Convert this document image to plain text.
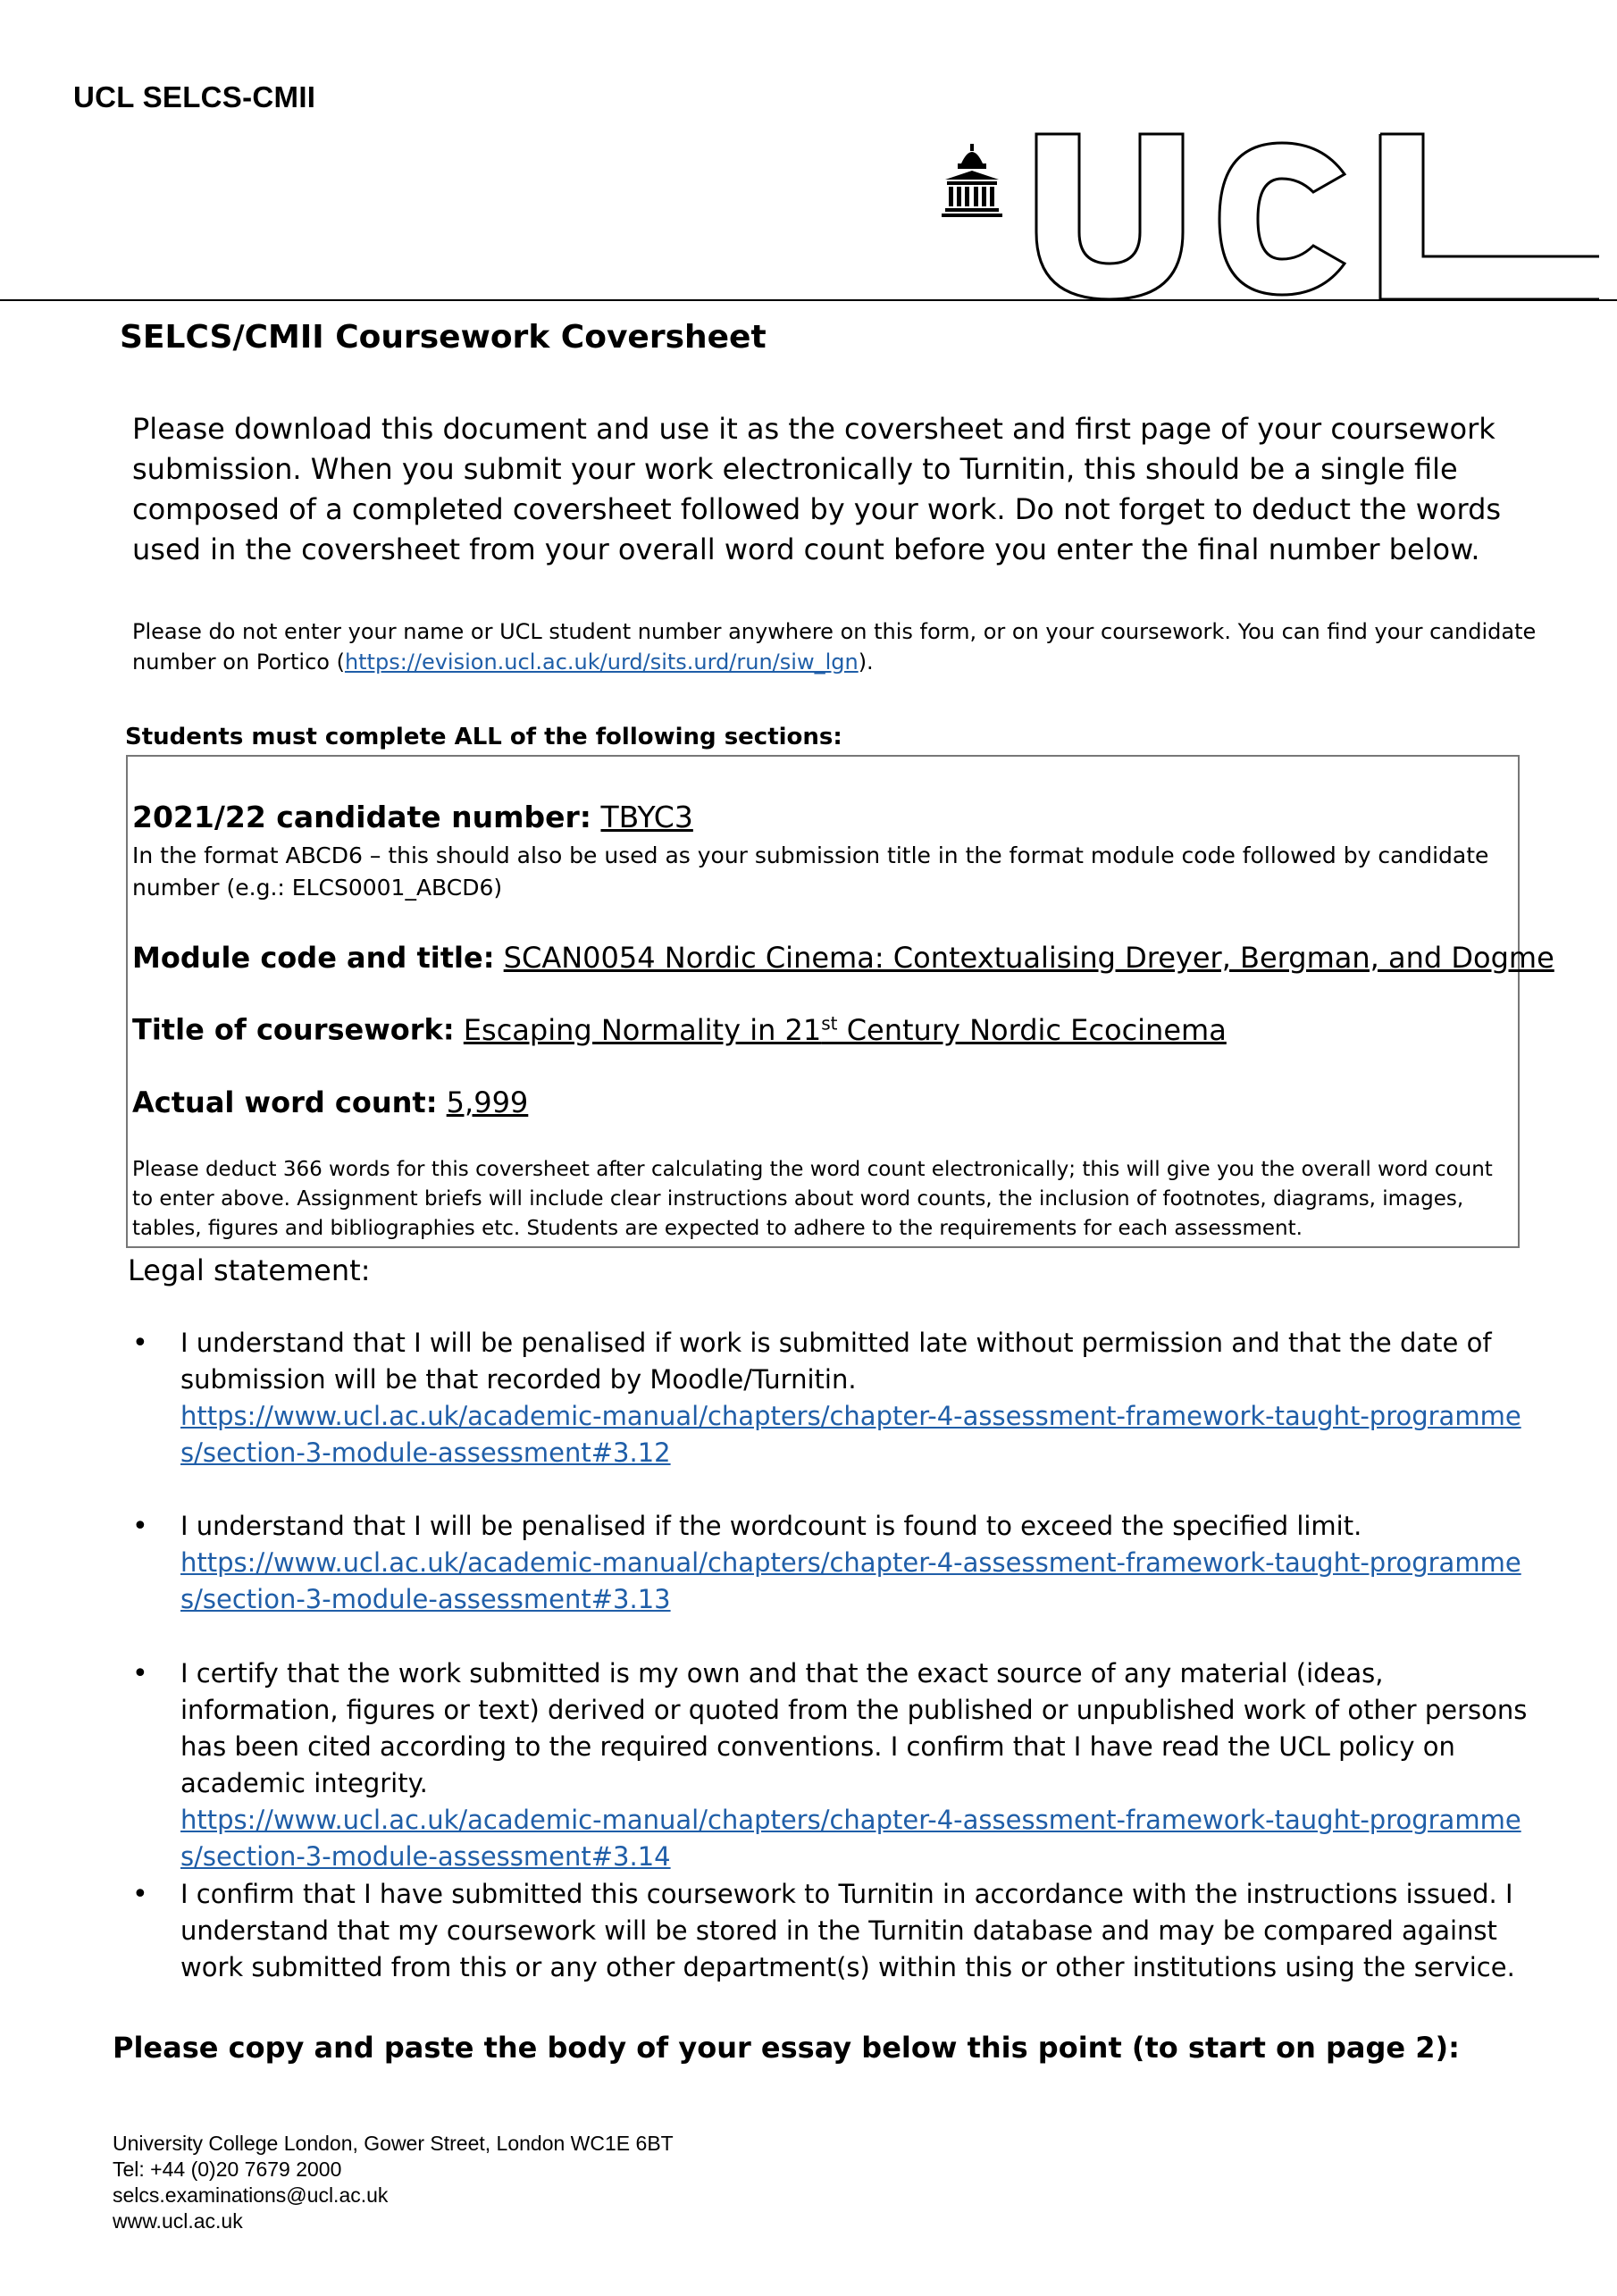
UCL SELCS-CMII
SELCS/CMII Coursework Coversheet
Please download this document and use it as the coversheet and first page of your coursework submission. When you submit your work electronically to Turnitin, this should be a single file composed of a completed coversheet followed by your work. Do not forget to deduct the words used in the coversheet from your overall word count before you enter the final number below.
Please do not enter your name or UCL student number anywhere on this form, or on your coursework. You can find your candidate number on Portico (https://evision.ucl.ac.uk/urd/sits.urd/run/siw_lgn).
Students must complete ALL of the following sections:
2021/22 candidate number: TBYC3
In the format ABCD6 – this should also be used as your submission title in the format module code followed by candidate number (e.g.: ELCS0001_ABCD6)
Module code and title: SCAN0054 Nordic Cinema: Contextualising Dreyer, Bergman, and Dogme
Title of coursework: Escaping Normality in 21st Century Nordic Ecocinema
Actual word count: 5,999
Please deduct 366 words for this coversheet after calculating the word count electronically; this will give you the overall word count to enter above. Assignment briefs will include clear instructions about word counts, the inclusion of footnotes, diagrams, images, tables, figures and bibliographies etc. Students are expected to adhere to the requirements for each assessment.
Legal statement:
• I understand that I will be penalised if work is submitted late without permission and that the date of submission will be that recorded by Moodle/Turnitin.
https://www.ucl.ac.uk/academic-manual/chapters/chapter-4-assessment-framework-taught-programmes/section-3-module-assessment#3.12
• I understand that I will be penalised if the wordcount is found to exceed the specified limit.
https://www.ucl.ac.uk/academic-manual/chapters/chapter-4-assessment-framework-taught-programmes/section-3-module-assessment#3.13
• I certify that the work submitted is my own and that the exact source of any material (ideas, information, figures or text) derived or quoted from the published or unpublished work of other persons has been cited according to the required conventions. I confirm that I have read the UCL policy on academic integrity.
https://www.ucl.ac.uk/academic-manual/chapters/chapter-4-assessment-framework-taught-programmes/section-3-module-assessment#3.14
• I confirm that I have submitted this coursework to Turnitin in accordance with the instructions issued. I understand that my coursework will be stored in the Turnitin database and may be compared against work submitted from this or any other department(s) within this or other institutions using the service.
Please copy and paste the body of your essay below this point (to start on page 2):
University College London, Gower Street, London WC1E 6BT
Tel: +44 (0)20 7679 2000
selcs.examinations@ucl.ac.uk
www.ucl.ac.uk
